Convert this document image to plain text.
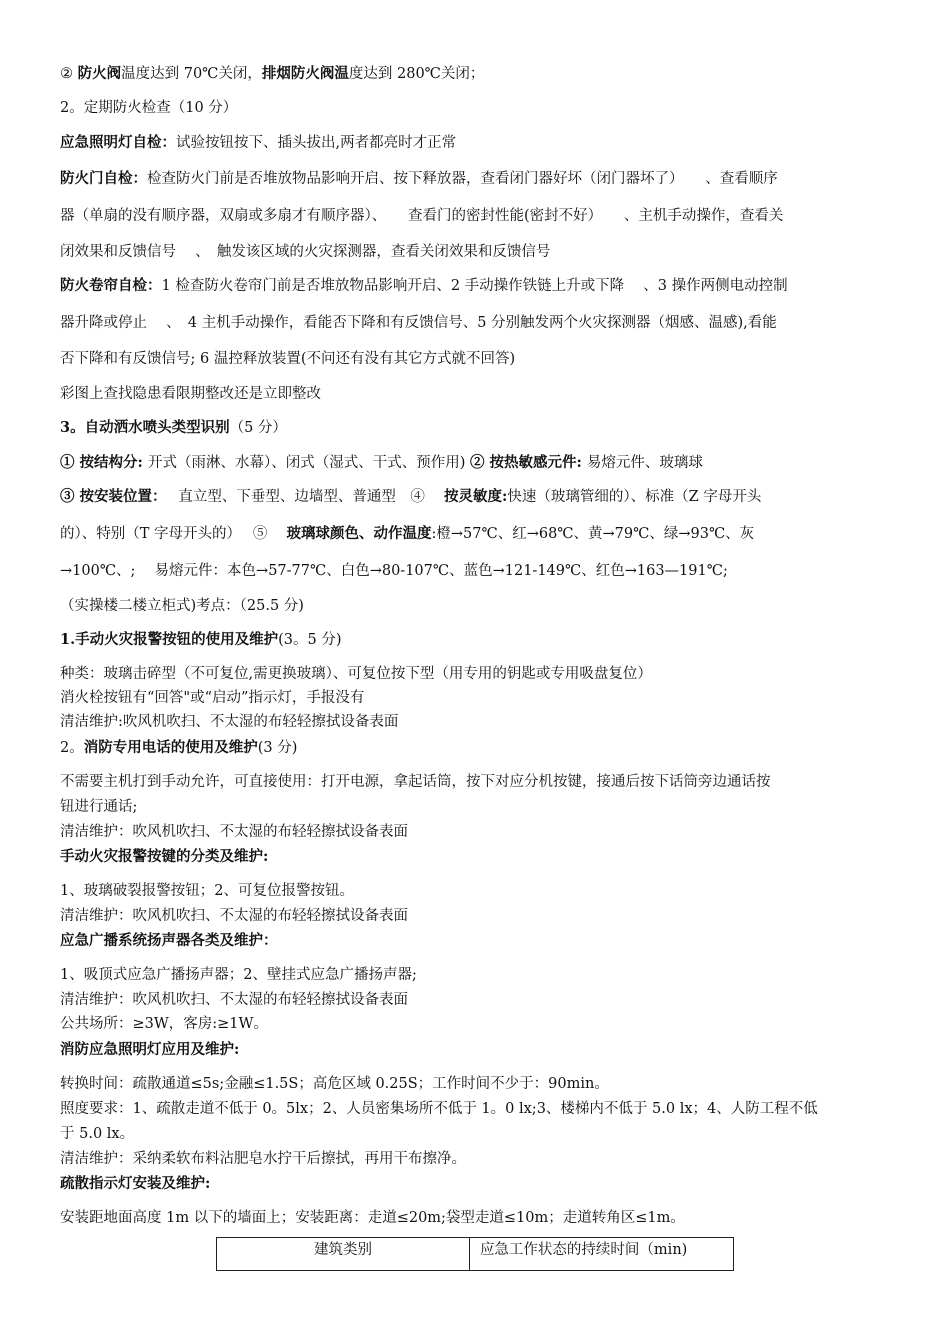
② 防火阀温度达到 70℃关闭，排烟防火阀温度达到 280℃关闭；
2。定期防火检查（10 分）
应急照明灯自检：试验按钮按下、插头拔出,两者都亮时才正常
防火门自检：检查防火门前是否堆放物品影响开启、按下释放器，查看闭门器好坏（闭门器坏了）　　、查看顺序
器（单扇的没有顺序器，双扇或多扇才有顺序器）、　　查看门的密封性能(密封不好）　　、主机手动操作，查看关
闭效果和反馈信号　 、　触发该区域的火灾探测器，查看关闭效果和反馈信号
防火卷帘自检：1 检查防火卷帘门前是否堆放物品影响开启、2 手动操作铁链上升或下降　 、3 操作两侧电动控制
器升降或停止　 、　4 主机手动操作，看能否下降和有反馈信号、5 分别触发两个火灾探测器（烟感、温感),看能
否下降和有反馈信号; 6 温控释放装置(不问还有没有其它方式就不回答)
彩图上查找隐患看限期整改还是立即整改
3。自动洒水喷头类型识别（5 分）
① 按结构分: 开式（雨淋、水幕）、闭式（湿式、干式、预作用) ② 按热敏感元件: 易熔元件、玻璃球
③ 按安装位置：　 直立型、下垂型、边墙型、普通型　④ 　按灵敏度:快速（玻璃管细的）、标准（Z 字母开头
的）、特别（T 字母开头的）　 ⑤ 　玻璃球颜色、动作温度:橙→57℃、红→68℃、黄→79℃、绿→93℃、灰
→100℃、;　 易熔元件：本色→57-77℃、白色→80-107℃、蓝色→121-149℃、红色→163—191℃;
（实操楼二楼立柜式)考点：（25.5 分)
1.手动火灾报警按钮的使用及维护(3。5 分)
种类：玻璃击碎型（不可复位,需更换玻璃）、可复位按下型（用专用的钥匙或专用吸盘复位）
消火栓按钮有“回答"或“启动”指示灯，手报没有
清洁维护:吹风机吹扫、不太湿的布轻轻擦拭设备表面
2。消防专用电话的使用及维护(3 分)
不需要主机打到手动允许，可直接使用：打开电源，拿起话筒，按下对应分机按键，接通后按下话筒旁边通话按
钮进行通话;
清洁维护：吹风机吹扫、不太湿的布轻轻擦拭设备表面
手动火灾报警按键的分类及维护:
1、玻璃破裂报警按钮；2、可复位报警按钮。
清洁维护：吹风机吹扫、不太湿的布轻轻擦拭设备表面
应急广播系统扬声器各类及维护：
1、吸顶式应急广播扬声器；2、壁挂式应急广播扬声器;
清洁维护：吹风机吹扫、不太湿的布轻轻擦拭设备表面
公共场所：≥3W，客房:≥1W。
消防应急照明灯应用及维护:
转换时间：疏散通道≤5s;金融≤1.5S；高危区域 0.25S；工作时间不少于：90min。
照度要求：1、疏散走道不低于 0。5lx；2、人员密集场所不低于 1。0 lx;3、楼梯内不低于 5.0 lx；4、人防工程不低
于 5.0 lx。
清洁维护：采纳柔软布料沾肥皂水拧干后擦拭，再用干布擦净。
疏散指示灯安装及维护:
安装距地面高度 1m 以下的墙面上；安装距离：走道≤20m;袋型走道≤10m；走道转角区≤1m。
建筑类别	应急工作状态的持续时间（min)
